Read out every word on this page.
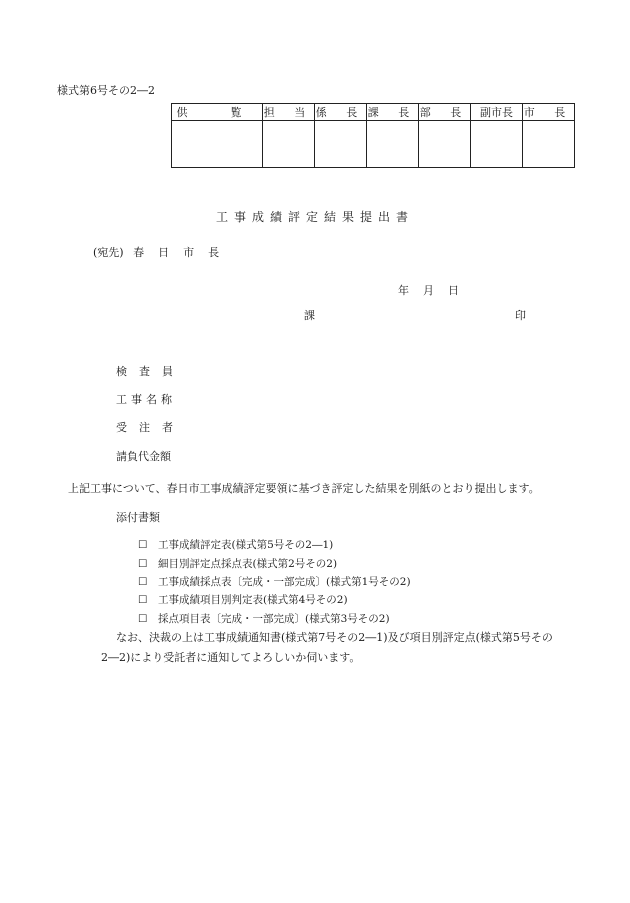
様式第6号その2―2
供　覧	担 当	係 長	課 長	部 長	副市長	市 長

工事成績評定結果提出書
(宛先) 春日市長
年月日
課	印
検査員
工事名称
受注者
請負代金額
上記工事について、春日市工事成績評定要領に基づき評定した結果を別紙のとおり提出します。
添付書類
☐ 工事成績評定表(様式第5号その2―1)
☐ 細目別評定点採点表(様式第2号その2)
☐ 工事成績採点表〔完成・一部完成〕(様式第1号その2)
☐ 工事成績項目別判定表(様式第4号その2)
☐ 採点項目表〔完成・一部完成〕(様式第3号その2)
なお、決裁の上は工事成績通知書(様式第7号その2―1)及び項目別評定点(様式第5号その
2―2)により受託者に通知してよろしいか伺います。
